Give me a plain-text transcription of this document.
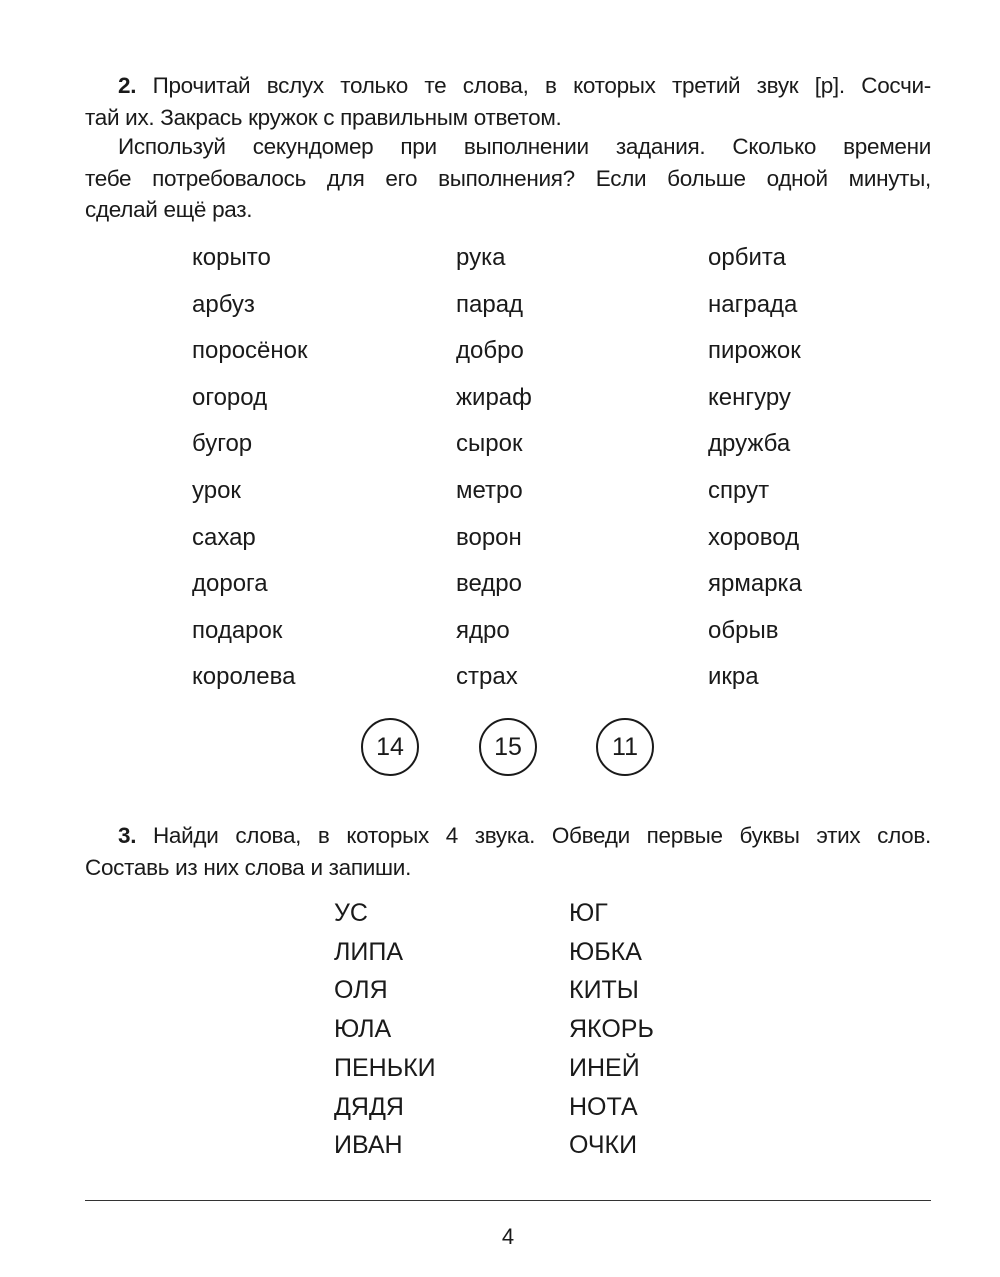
2. Прочитай вслух только те слова, в которых третий звук [р]. Сосчи-
тай их. Закрась кружок с правильным ответом.
Используй секундомер при выполнении задания. Сколько времени
тебе потребовалось для его выполнения? Если больше одной минуты,
сделай ещё раз.
корыто
арбуз
поросёнок
огород
бугор
урок
сахар
дорога
подарок
королева
рука
парад
добро
жираф
сырок
метро
ворон
ведро
ядро
страх
орбита
награда
пирожок
кенгуру
дружба
спрут
хоровод
ярмарка
обрыв
икра
14	15	11
3. Найди слова, в которых 4 звука. Обведи первые буквы этих слов.
Составь из них слова и запиши.
УС
ЛИПА
ОЛЯ
ЮЛА
ПЕНЬКИ
ДЯДЯ
ИВАН
ЮГ
ЮБКА
КИТЫ
ЯКОРЬ
ИНЕЙ
НОТА
ОЧКИ
4
